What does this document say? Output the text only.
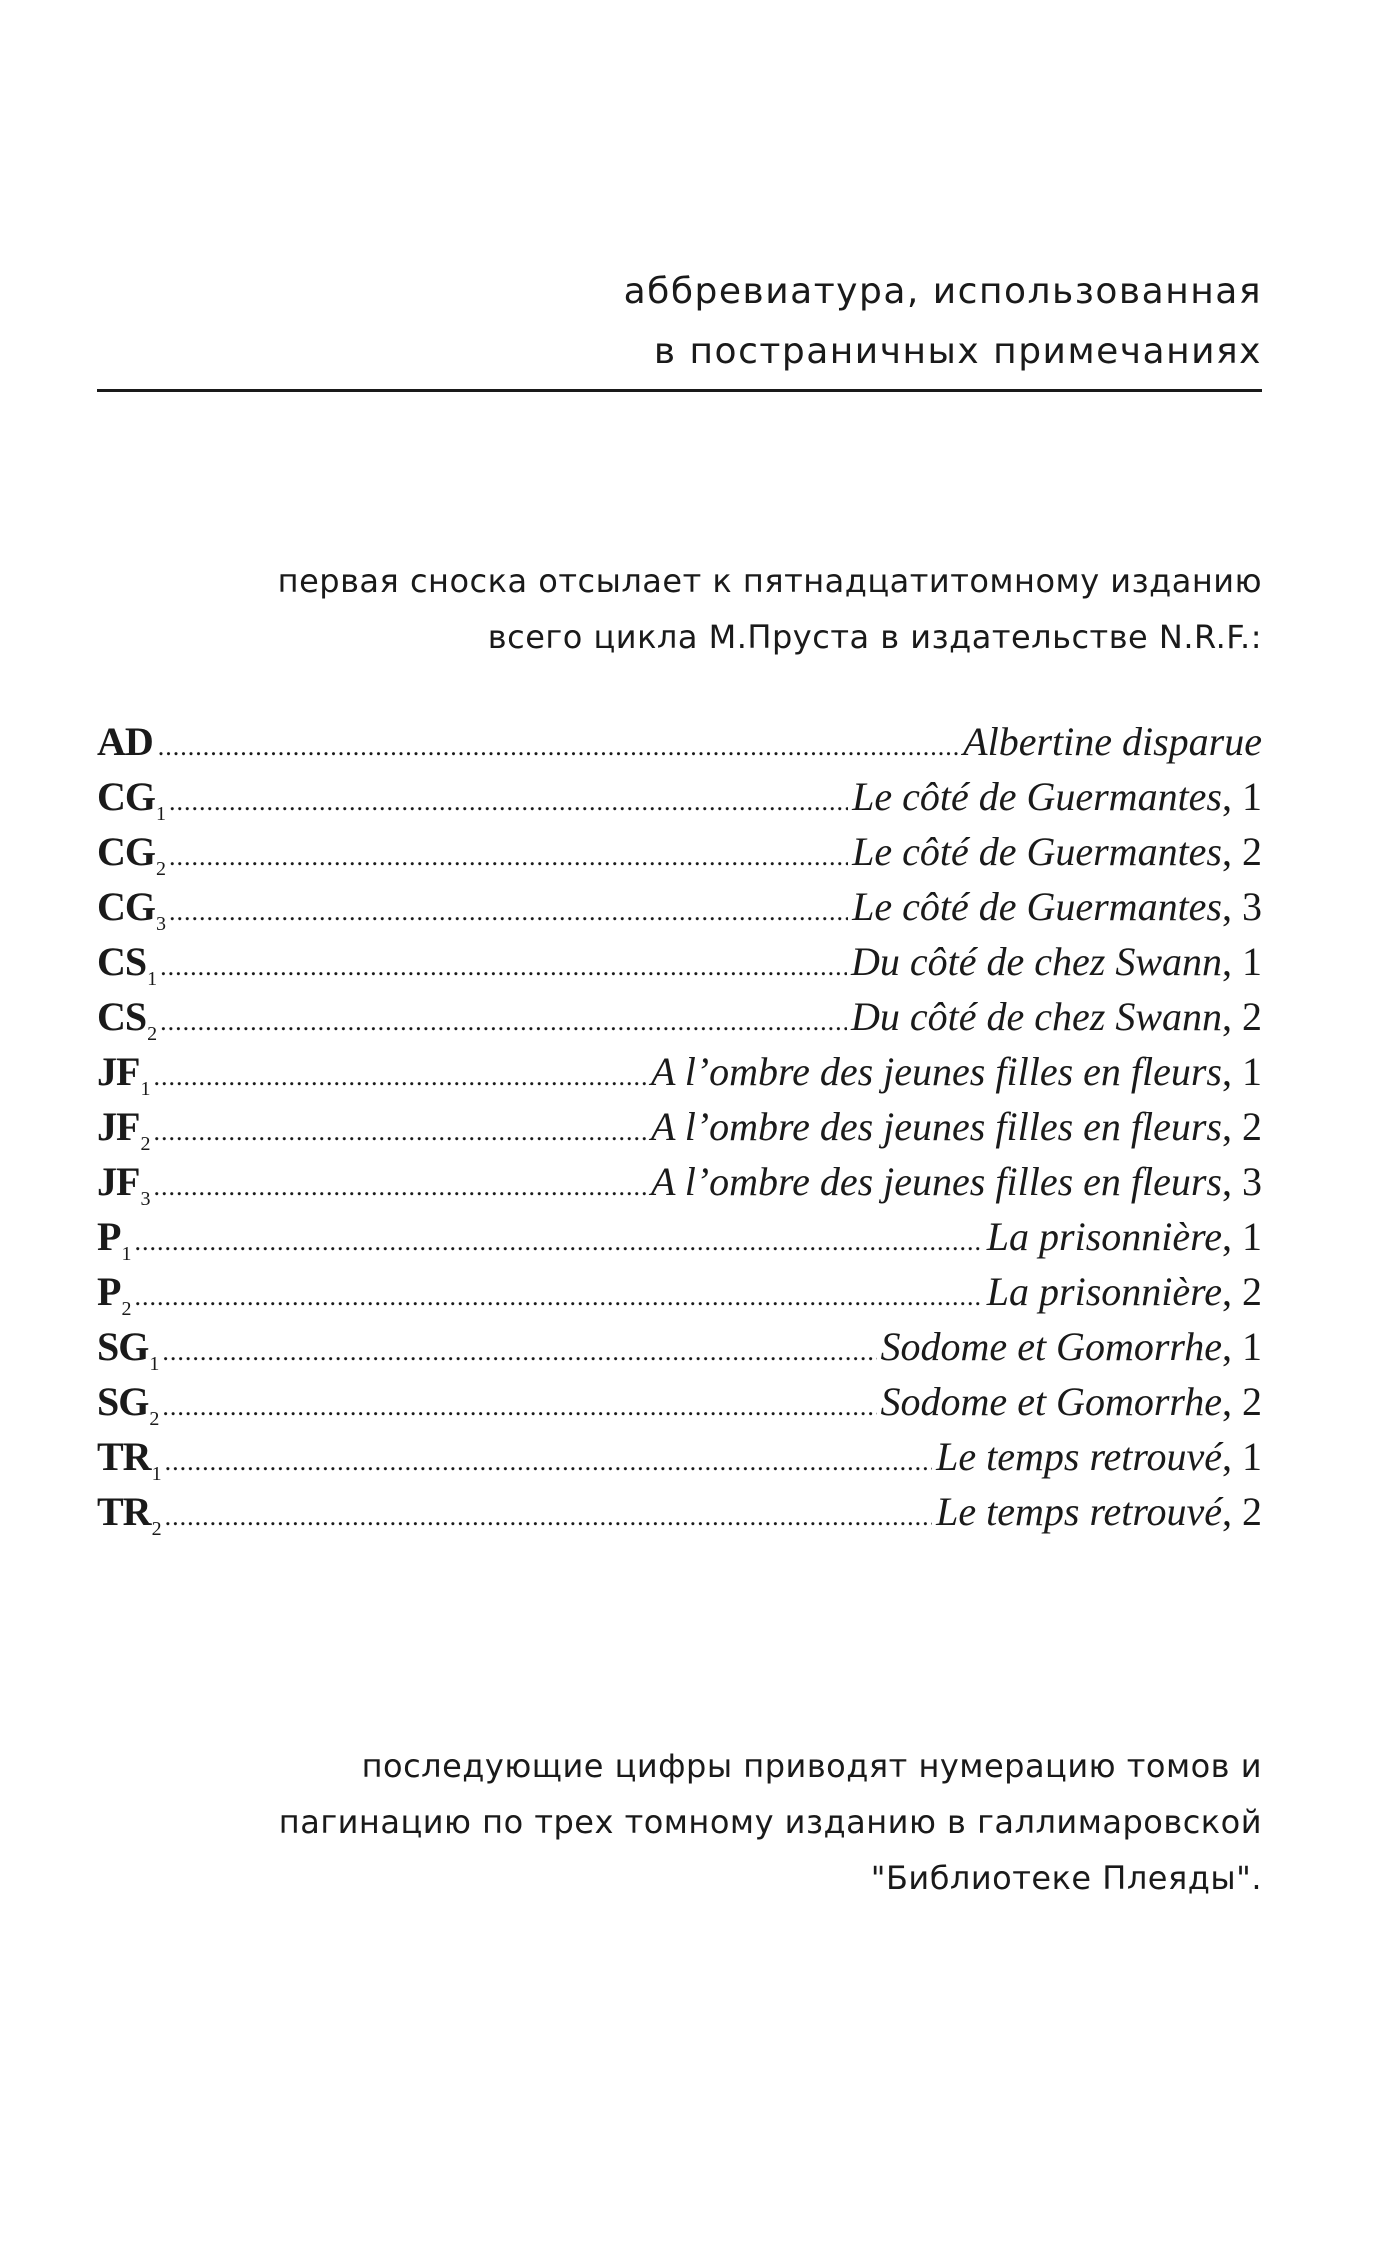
аббревиатура, использованная
в постраничных примечаниях
первая сноска отсылает к пятнадцатитомному изданию
всего цикла М.Пруста в издательстве N.R.F.:
AD .....	Albertine disparue
$CG_1$ .....	Le côté de Guermantes , 1
$CG_2$ .....	Le côté de Guermantes , 2
$CG_3$ .....	Le côté de Guermantes , 3
$CS_1$ .....	Du côté de chez Swann , 1
$CS_2$ .....	Du côté de chez Swann , 2
$JF_1$ .....	A l’ombre des jeunes filles en fleurs , 1
$JF_2$ .....	A l’ombre des jeunes filles en fleurs , 2
$JF_3$ .....	A l’ombre des jeunes filles en fleurs , 3
$P_1$ .....	La prisonnière , 1
$P_2$ .....	La prisonnière , 2
$SG_1$ .....	Sodome et Gomorrhe , 1
$SG_2$ .....	Sodome et Gomorrhe , 2
$TR_1$ .....	Le temps retrouvé , 1
$TR_2$ .....	Le temps retrouvé , 2
последующие цифры приводят нумерацию томов и
пагинацию по трех томному изданию в галлимаровской
"Библиотеке Плеяды".
